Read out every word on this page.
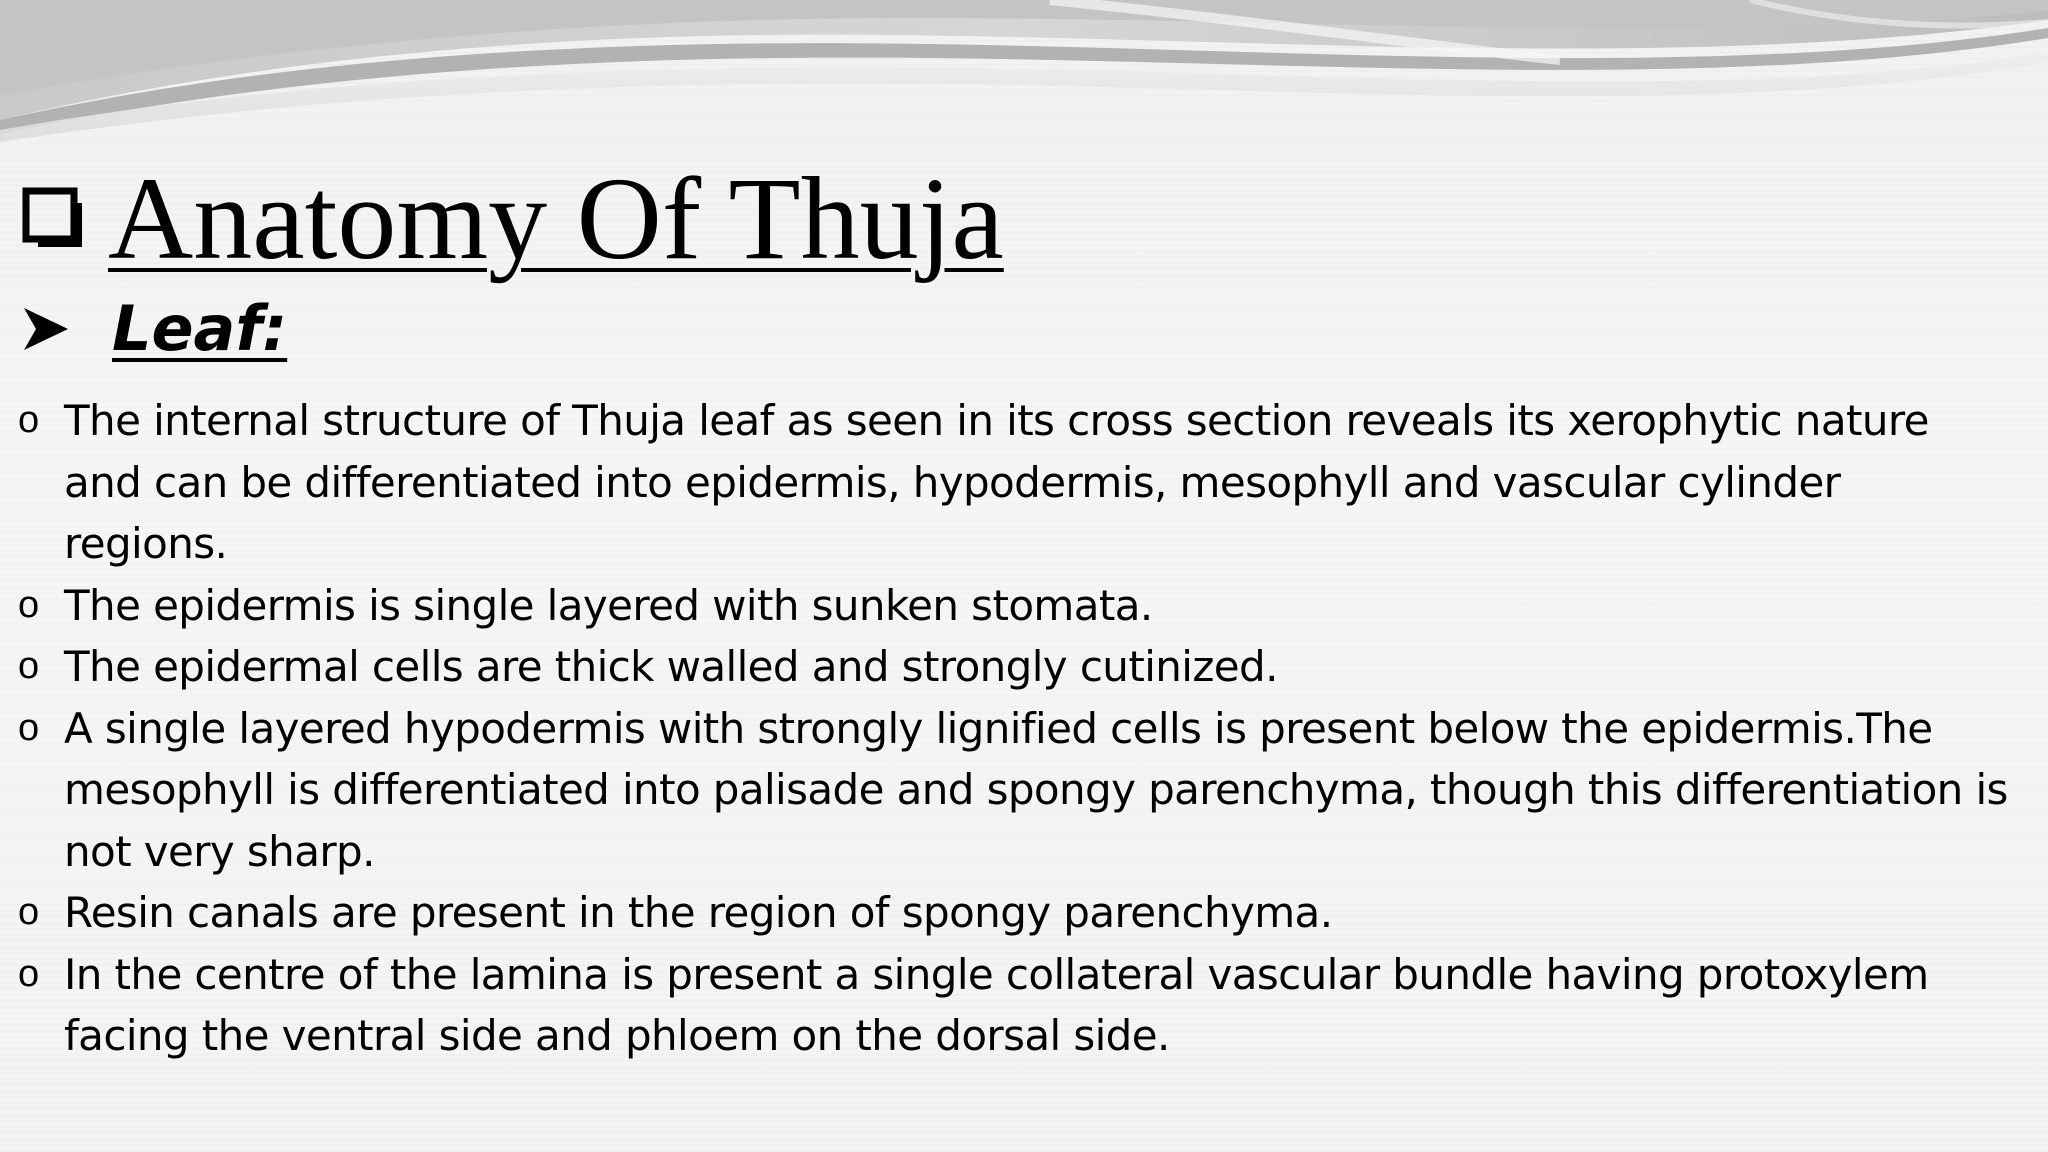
Anatomy Of Thuja
Leaf:
o The internal structure of Thuja leaf as seen in its cross section reveals its xerophytic nature and can be differentiated into epidermis, hypodermis, mesophyll and vascular cylinder regions.
o The epidermis is single layered with sunken stomata.
o The epidermal cells are thick walled and strongly cutinized.
o A single layered hypodermis with strongly lignified cells is present below the epidermis.The mesophyll is differentiated into palisade and spongy parenchyma, though this differentiation is not very sharp.
o Resin canals are present in the region of spongy parenchyma.
o In the centre of the lamina is present a single collateral vascular bundle having protoxylem facing the ventral side and phloem on the dorsal side.
